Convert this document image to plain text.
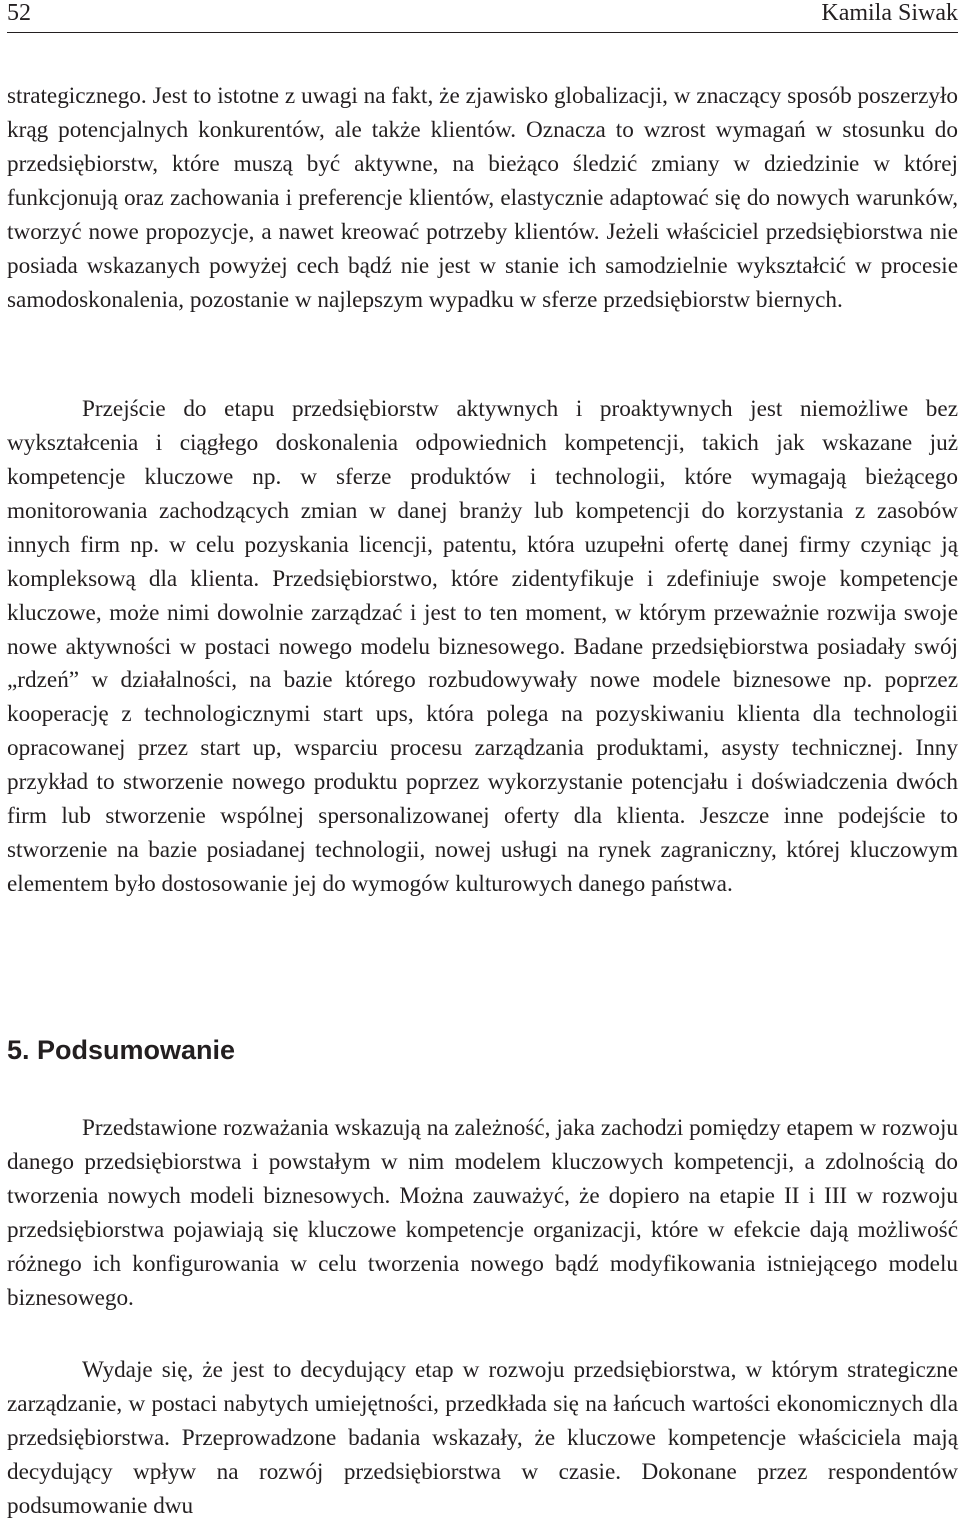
52	Kamila Siwak

strategicznego. Jest to istotne z uwagi na fakt, że zjawisko globalizacji, w znaczący sposób poszerzyło krąg potencjalnych konkurentów, ale także klientów. Oznacza to wzrost wymagań w stosunku do przedsiębiorstw, które muszą być aktywne, na bieżąco śledzić zmiany w dziedzinie w której funkcjonują oraz zachowania i preferencje klientów, elastycznie adaptować się do nowych warunków, tworzyć nowe propozycje, a nawet kreować potrzeby klientów. Jeżeli właściciel przedsiębiorstwa nie posiada wskazanych powyżej cech bądź nie jest w stanie ich samodzielnie wykształcić w procesie samodoskonalenia, pozostanie w najlepszym wypadku w sferze przedsiębiorstw biernych.

Przejście do etapu przedsiębiorstw aktywnych i proaktywnych jest niemożliwe bez wykształcenia i ciągłego doskonalenia odpowiednich kompetencji, takich jak wskazane już kompetencje kluczowe np. w sferze produktów i technologii, które wymagają bieżącego monitorowania zachodzących zmian w danej branży lub kompetencji do korzystania z zasobów innych firm np. w celu pozyskania licencji, patentu, która uzupełni ofertę danej firmy czyniąc ją kompleksową dla klienta. Przedsiębiorstwo, które zidentyfikuje i zdefiniuje swoje kompetencje kluczowe, może nimi dowolnie zarządzać i jest to ten moment, w którym przeważnie rozwija swoje nowe aktywności w postaci nowego modelu biznesowego. Badane przedsiębiorstwa posiadały swój „rdzeń” w działalności, na bazie którego rozbudowywały nowe modele biznesowe np. poprzez kooperację z technologicznymi start ups, która polega na pozyskiwaniu klienta dla technologii opracowanej przez start up, wsparciu procesu zarządzania produktami, asysty technicznej. Inny przykład to stworzenie nowego produktu poprzez wykorzystanie potencjału i doświadczenia dwóch firm lub stworzenie wspólnej spersonalizowanej oferty dla klienta. Jeszcze inne podejście to stworzenie na bazie posiadanej technologii, nowej usługi na rynek zagraniczny, której kluczowym elementem było dostosowanie jej do wymogów kulturowych danego państwa.

5. Podsumowanie

Przedstawione rozważania wskazują na zależność, jaka zachodzi pomiędzy etapem w rozwoju danego przedsiębiorstwa i powstałym w nim modelem kluczowych kompetencji, a zdolnością do tworzenia nowych modeli biznesowych. Można zauważyć, że dopiero na etapie II i III w rozwoju przedsiębiorstwa pojawiają się kluczowe kompetencje organizacji, które w efekcie dają możliwość różnego ich konfigurowania w celu tworzenia nowego bądź modyfikowania istniejącego modelu biznesowego.

Wydaje się, że jest to decydujący etap w rozwoju przedsiębiorstwa, w którym strategiczne zarządzanie, w postaci nabytych umiejętności, przedkłada się na łańcuch wartości ekonomicznych dla przedsiębiorstwa. Przeprowadzone badania wskazały, że kluczowe kompetencje właściciela mają decydujący wpływ na rozwój przedsiębiorstwa w czasie. Dokonane przez respondentów podsumowanie dwu
